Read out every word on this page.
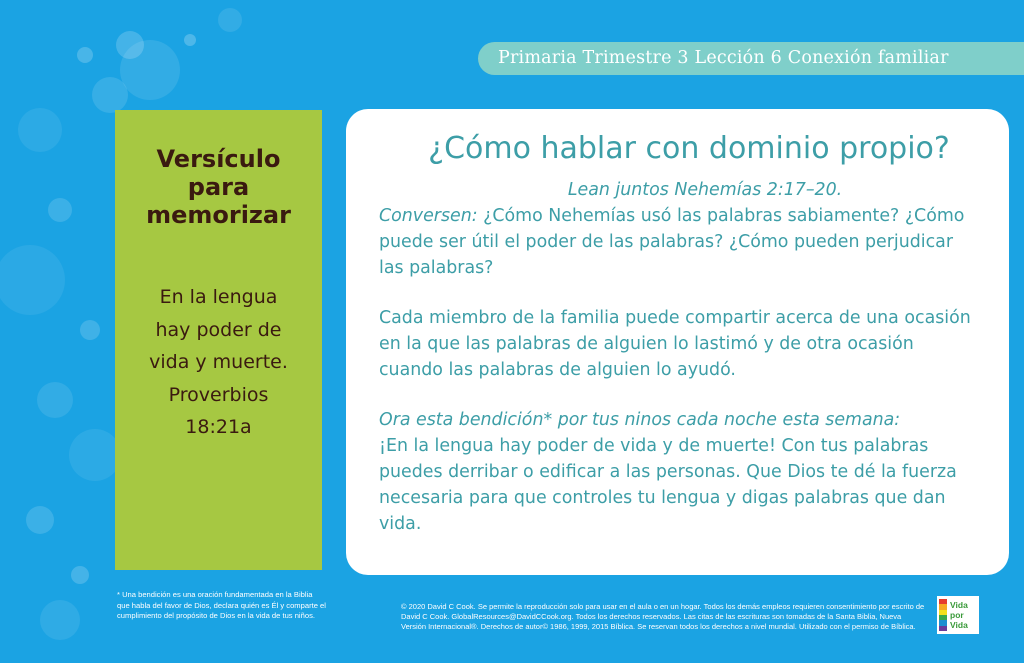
Primaria Trimestre 3 Lección 6 Conexión familiar
Versículo
para
memorizar
En la lengua
hay poder de
vida y muerte.
Proverbios
18:21a
¿Cómo hablar con dominio propio?

Lean juntos Nehemías 2:17–20.

Conversen: ¿Cómo Nehemías usó las palabras sabiamente? ¿Cómo puede ser útil el poder de las palabras? ¿Cómo pueden perjudicar las palabras?

Cada miembro de la familia puede compartir acerca de una ocasión en la que las palabras de alguien lo lastimó y de otra ocasión cuando las palabras de alguien lo ayudó.

Ora esta bendición* por tus ninos cada noche esta semana:

¡En la lengua hay poder de vida y de muerte! Con tus palabras puedes derribar o edificar a las personas. Que Dios te dé la fuerza necesaria para que controles tu lengua y digas palabras que dan vida.

* Una bendición es una oración fundamentada en la Biblia que habla del favor de Dios, declara quién es Él y comparte el cumplimiento del propósito de Dios en la vida de tus niños.
© 2020 David C Cook. Se permite la reproducción solo para usar en el aula o en un hogar. Todos los demás empleos requieren consentimiento por escrito de David C Cook. GlobalResources@DavidCCook.org. Todos los derechos reservados. Las citas de las escrituras son tomadas de la Santa Biblia, Nueva Versión Internacional®. Derechos de autor© 1986, 1999, 2015 Bíblica. Se reservan todos los derechos a nivel mundial. Utilizado con el permiso de Bíblica.
Vida
por
Vida
